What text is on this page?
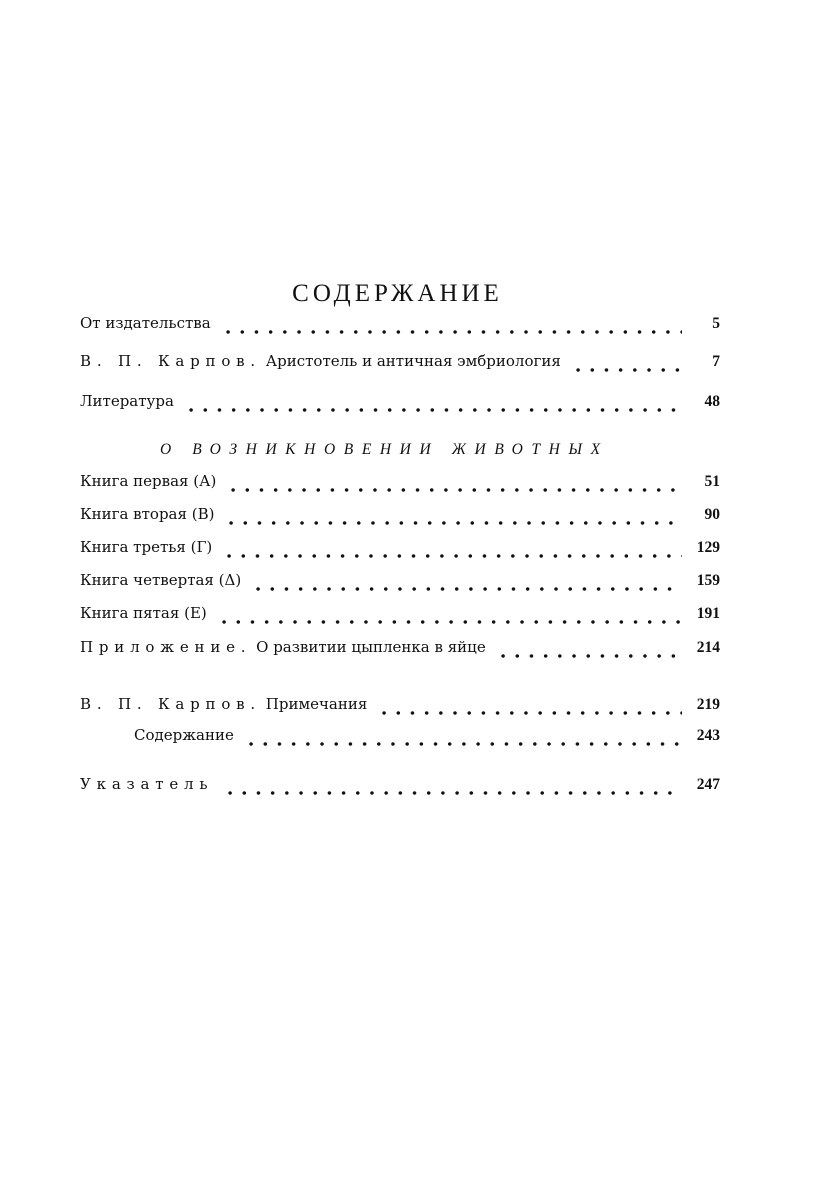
СОДЕРЖАНИЕ
От издательства	5
В. П. Карпов. Аристотель и античная эмбриология	7
Литература	48
О ВОЗНИКНОВЕНИИ ЖИВОТНЫХ
Книга первая (А)	51
Книга вторая (В)	90
Книга третья (Г)	129
Книга четвертая (Δ)	159
Книга пятая (Е)	191
Приложение. О развитии цыпленка в яйце	214
В. П. Карпов. Примечания	219
Содержание	243
Указатель	247
